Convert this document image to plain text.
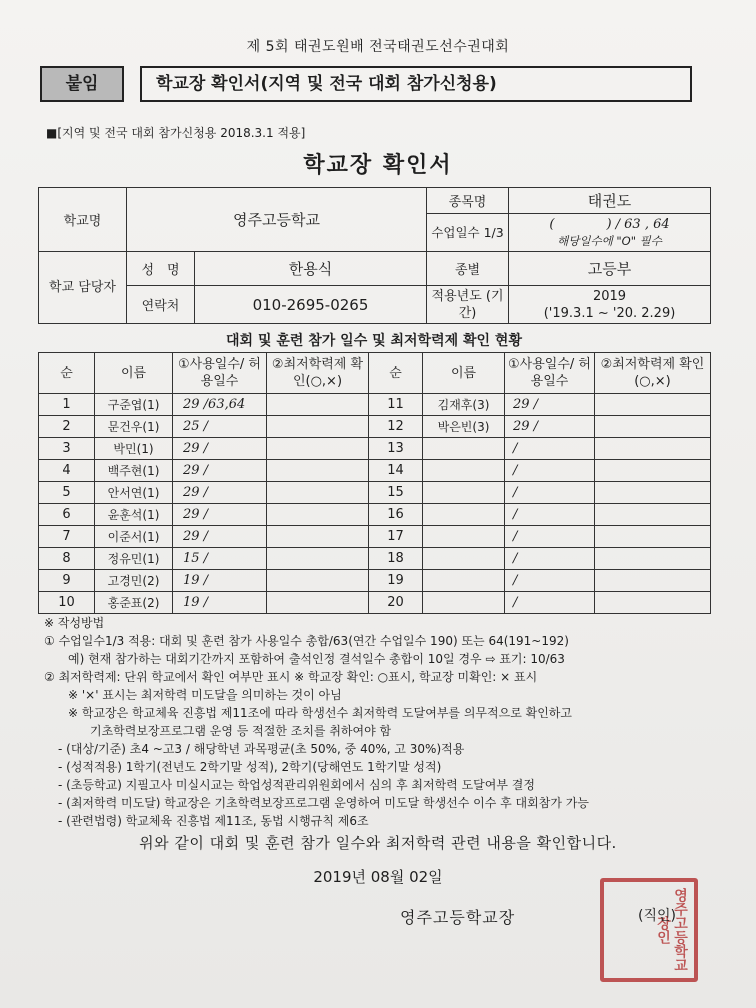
제 5회 태권도원배 전국태권도선수권대회
붙임	학교장 확인서(지역 및 전국 대회 참가신청용)
■[지역 및 전국 대회 참가신청용 2018.3.1 적용]
학교장 확인서
학교명	영주고등학교		종목명	태권도
			수업일수 1/3	(　　　　) / 63 , 64
해당일수에 "O" 필수

학교 담당자	성　명	한용식	종별	고등부
	연락처	010-2695-0265	적용년도 (기간)	2019
('19.3.1 ~ '20. 2.29)
대회 및 훈련 참가 일수 및 최저학력제 확인 현황
순	이름	①사용일수/ 허용일수	②최저학력제 확인(○,×)	순	이름	①사용일수/ 허용일수	②최저학력제 확인(○,×)
1	구준엽(1)	29 /63,64		11	김재후(3)	29 /	
2	문건우(1)	25 /		12	박은빈(3)	29 /	
3	박민(1)	29 /		13		/	
4	백주현(1)	29 /		14		/	
5	안서연(1)	29 /		15		/	
6	윤훈석(1)	29 /		16		/	
7	이준서(1)	29 /		17		/	
8	정유민(1)	15 /		18		/	
9	고경민(2)	19 /		19		/	
10	홍준표(2)	19 /		20		/	
※ 작성방법
① 수업일수1/3 적용: 대회 및 훈련 참가 사용일수 총합/63(연간 수업일수 190) 또는 64(191~192)
예) 현재 참가하는 대회기간까지 포함하여 출석인정 결석일수 총합이 10일 경우 ⇨ 표기: 10/63
② 최저학력제: 단위 학교에서 확인 여부만 표시 ※ 학교장 확인: ○표시, 학교장 미확인: × 표시
※ '×' 표시는 최저학력 미도달을 의미하는 것이 아님
※ 학교장은 학교체육 진흥법 제11조에 따라 학생선수 최저학력 도달여부를 의무적으로 확인하고
기초학력보장프로그램 운영 등 적절한 조치를 취하여야 함
- (대상/기준) 초4 ~고3 / 해당학년 과목평균(초 50%, 중 40%, 고 30%)적용
- (성적적용) 1학기(전년도 2학기말 성적), 2학기(당해연도 1학기말 성적)
- (초등학교) 지필고사 미실시교는 학업성적관리위원회에서 심의 후 최저학력 도달여부 결정
- (최저학력 미도달) 학교장은 기초학력보장프로그램 운영하여 미도달 학생선수 이수 후 대회참가 가능
- (관련법령) 학교체육 진흥법 제11조, 동법 시행규칙 제6조
위와 같이 대회 및 훈련 참가 일수와 최저학력 관련 내용을 확인합니다.
2019년 08월 02일
영주고등학교장	영주고등학교장인
(직인)
